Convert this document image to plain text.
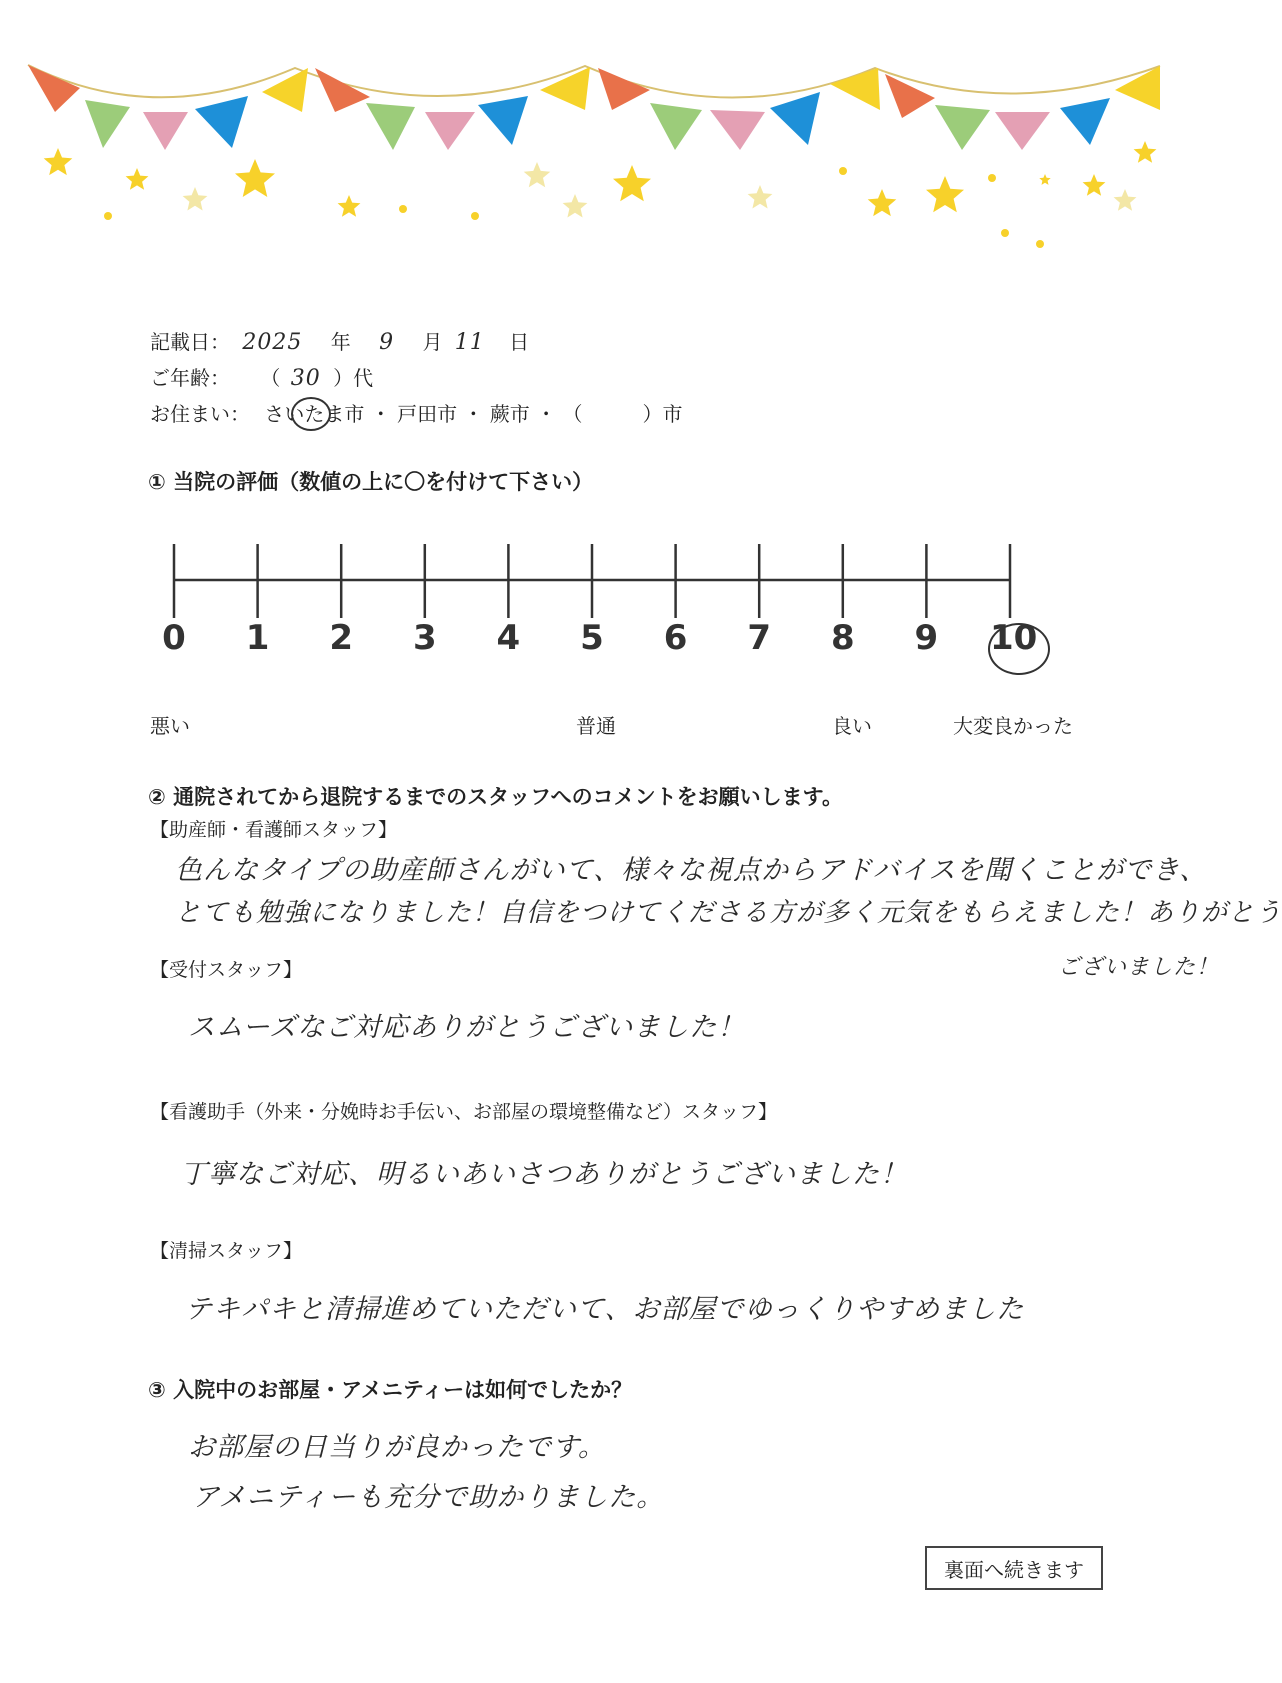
記載日： 2025 年 9 月 11 日
ご年齢： （ 30 ）代
お住まい： さいたま市 ・ 戸田市 ・ 蕨市 ・ （　　　）市
① 当院の評価（数値の上に〇を付けて下さい）
0 1 2 3 4 5 6 7 8 9 10
悪い	普通	良い	大変良かった
② 通院されてから退院するまでのスタッフへのコメントをお願いします。
【助産師・看護師スタッフ】
色んなタイプの助産師さんがいて、様々な視点からアドバイスを聞くことができ、
とても勉強になりました！自信をつけてくださる方が多く元気をもらえました！ありがとう
ございました！
【受付スタッフ】
スムーズなご対応ありがとうございました！
【看護助手（外来・分娩時お手伝い、お部屋の環境整備など）スタッフ】
丁寧なご対応、明るいあいさつありがとうございました！
【清掃スタッフ】
テキパキと清掃進めていただいて、お部屋でゆっくりやすめました
③ 入院中のお部屋・アメニティーは如何でしたか？
お部屋の日当りが良かったです。
アメニティーも充分で助かりました。
裏面へ続きます
